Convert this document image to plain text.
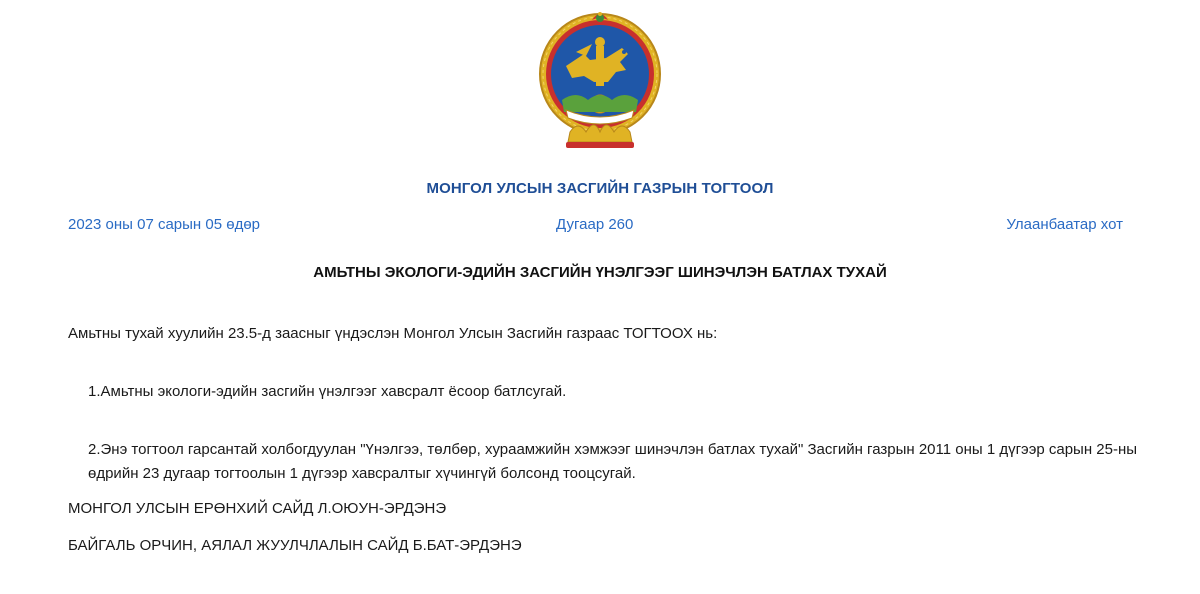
МОНГОЛ УЛСЫН ЗАСГИЙН ГАЗРЫН ТОГТООЛ
2023 оны 07 сарын 05 өдөр	Дугаар 260	Улаанбаатар хот
АМЬТНЫ ЭКОЛОГИ-ЭДИЙН ЗАСГИЙН ҮНЭЛГЭЭГ ШИНЭЧЛЭН БАТЛАХ ТУХАЙ
Амьтны тухай хуулийн 23.5-д заасныг үндэслэн Монгол Улсын Засгийн газраас ТОГТООХ нь:
1.Амьтны экологи-эдийн засгийн үнэлгээг хавсралт ёсоор батлсугай.
2.Энэ тогтоол гарсантай холбогдуулан "Үнэлгээ, төлбөр, хураамжийн хэмжээг шинэчлэн батлах тухай" Засгийн газрын 2011 оны 1 дүгээр сарын 25-ны өдрийн 23 дугаар тогтоолын 1 дүгээр хавсралтыг хүчингүй болсонд тооцсугай.
МОНГОЛ УЛСЫН ЕРӨНХИЙ САЙД Л.ОЮУН-ЭРДЭНЭ
БАЙГАЛЬ ОРЧИН, АЯЛАЛ ЖУУЛЧЛАЛЫН САЙД Б.БАТ-ЭРДЭНЭ
